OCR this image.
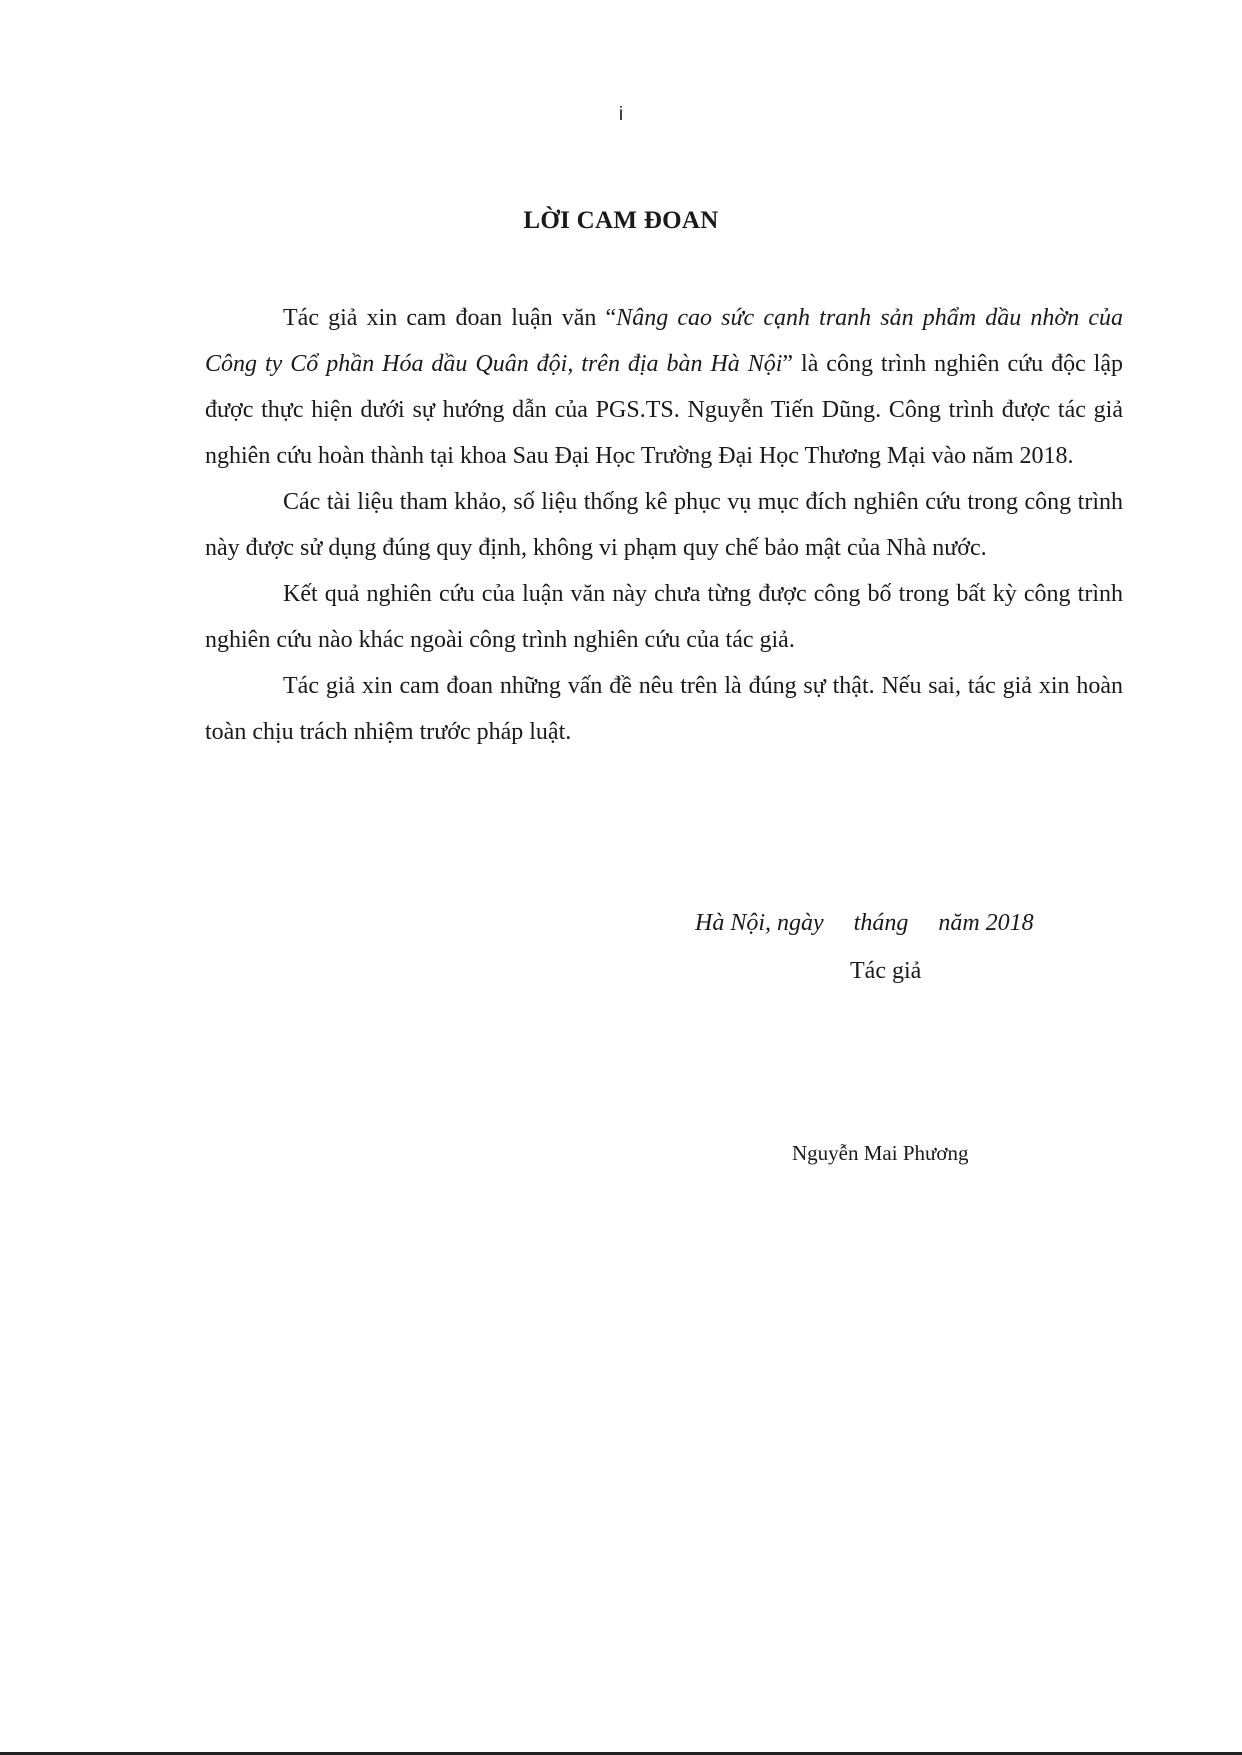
i
LỜI CAM ĐOAN

Tác giả xin cam đoan luận văn “Nâng cao sức cạnh tranh sản phẩm dầu nhờn của Công ty Cổ phần Hóa dầu Quân đội, trên địa bàn Hà Nội” là công trình nghiên cứu độc lập được thực hiện dưới sự hướng dẫn của PGS.TS. Nguyễn Tiến Dũng. Công trình được tác giả nghiên cứu hoàn thành tại khoa Sau Đại Học Trường Đại Học Thương Mại vào năm 2018.

Các tài liệu tham khảo, số liệu thống kê phục vụ mục đích nghiên cứu trong công trình này được sử dụng đúng quy định, không vi phạm quy chế bảo mật của Nhà nước.

Kết quả nghiên cứu của luận văn này chưa từng được công bố trong bất kỳ công trình nghiên cứu nào khác ngoài công trình nghiên cứu của tác giả.

Tác giả xin cam đoan những vấn đề nêu trên là đúng sự thật. Nếu sai, tác giả xin hoàn toàn chịu trách nhiệm trước pháp luật.

Hà Nội, ngày     tháng     năm 2018
Tác giả
Nguyễn Mai Phương
